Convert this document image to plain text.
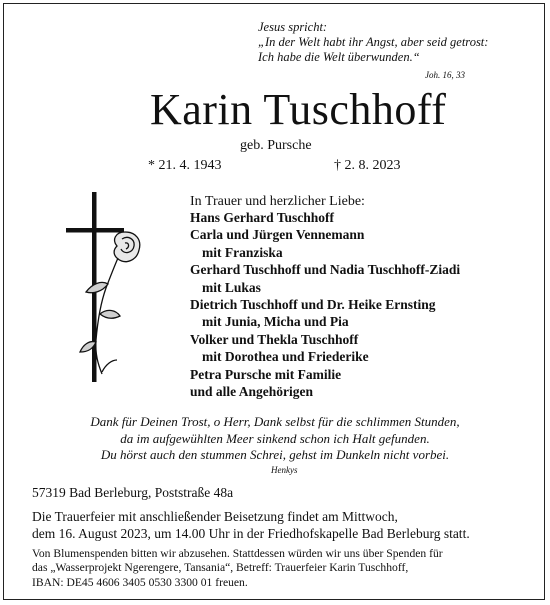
Jesus spricht:
„In der Welt habt ihr Angst, aber seid getrost:
Ich habe die Welt überwunden.“
Joh. 16, 33
Karin Tuschhoff
geb. Pursche
* 21. 4. 1943	† 2. 8. 2023
In Trauer und herzlicher Liebe:
Hans Gerhard Tuschhoff
Carla und Jürgen Vennemann
mit Franziska
Gerhard Tuschhoff und Nadia Tuschhoff-Ziadi
mit Lukas
Dietrich Tuschhoff und Dr. Heike Ernsting
mit Junia, Micha und Pia
Volker und Thekla Tuschhoff
mit Dorothea und Friederike
Petra Pursche mit Familie
und alle Angehörigen
Dank für Deinen Trost, o Herr, Dank selbst für die schlimmen Stunden,
da im aufgewühlten Meer sinkend schon ich Halt gefunden.
Du hörst auch den stummen Schrei, gehst im Dunkeln nicht vorbei.
Henkys
57319 Bad Berleburg, Poststraße 48a
Die Trauerfeier mit anschließender Beisetzung findet am Mittwoch,
dem 16. August 2023, um 14.00 Uhr in der Friedhofskapelle Bad Berleburg statt.
Von Blumenspenden bitten wir abzusehen. Stattdessen würden wir uns über Spenden für
das „Wasserprojekt Ngerengere, Tansania“, Betreff: Trauerfeier Karin Tuschhoff,
IBAN: DE45 4606 3405 0530 3300 01 freuen.
